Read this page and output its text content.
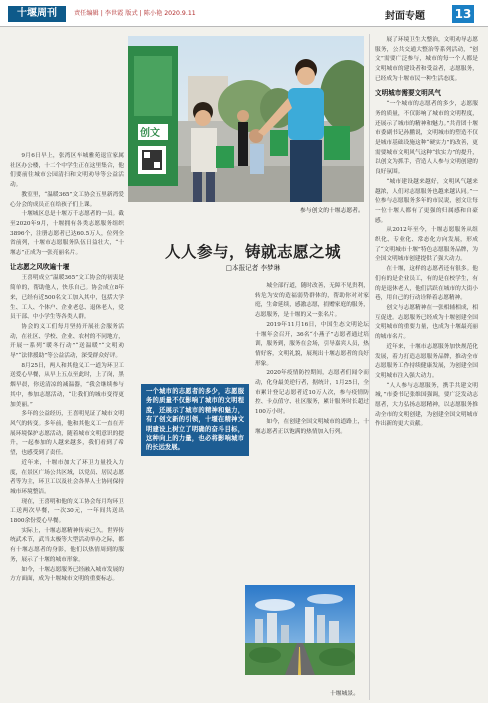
十堰周刊	责任编辑 | 李世霞 版式 | 陈小艳 2020.9.11	封面专题 13
创文
参与创文的十堰志愿者。
人人参与，铸就志愿之城
□本报记者 李梦琳

9月6日早上，张湾区车城雅苑退宣家属社区办公楼，十二个中学生正在这里集合，他们要前往城市公园清扫和文明劝导等公益活动。

教室里，“温暖365”文工协会五里新湾爱心分会的成员正在给孩子们上课。

十堰城区总是十堰万千志愿者的一员。截至2020年9月，十堰拥有各类志愿服务组织3896个，注册志愿者已达60.5万人，位列全省前列，十堰市志愿服务队伍日益壮大，“十堰志”正成为一张亮丽名片。

让志愿之风吹遍十堰

王喜明成立“温暖365”文工协会的初衷是简单的，帮助他人，快乐自己。协会成立8年来，已经有近500名文工加入其中，包括大学生、工人、个体户、企业老总、退休老人，党员干部、中小学生等各类人群。

协会的义工们每月坚持开展社会服务活动，在社区、学校、企业、农村的不同地方，开展一系列“暖冬行动”“送温暖”“文明劝导”“法律援助”等公益活动，深受群众好评。

8月25日，两人和其他义工一道为环卫工送爱心早餐，从早上五点至此时，上了岗，黑烟早晨，你送清凉的减温器，“我会继续参与其中，参加志愿活动，“让我们的城市变得更加美丽。”

多年的公益经历，王喜明见证了城市文明风气的转变。多年前，他和其他义工一直在开展环境保护志愿活动，随着城市文明意识的提升，一起参加的人越来越多，我们看到了希望，也感受到了责任。

近年来，十堰市加大了环卫力量投入力度，在景区广场公共区域，以党员、居民志愿者等为主，环卫工以及社会各界人士协同保持城市环境整洁。

现在，王喜明和他的义工协会每月均环卫工送两次早餐，一次30元，一年间共送出1800余份爱心早餐。

实际上，十堰志愿精神传承已久。世界传统武术节，武当太极等大型活动举办之际，都有十堰志愿者的身影，他们以热情周到的服务，展示了十堰的城市形象。

如今，十堰志愿服务已经融入城市发展的方方面面，成为十堰城市文明的重要标志。

一个城市的志愿者的多少，志愿服务的质量不仅影响了城市的文明程度，还展示了城市的精神和魅力，有了创文新的引领，十堰在精神文明建设上树立了明确的奋斗目标，这种向上的力量，也必将影响城市的长远发展。

城全部行道，随时改善，无障不见贵利，转危为安的造福弱势群体的，帮助你对对家庭，生命延续，感激志愿，捐赠家庭的服务，志愿服务，是十堰的又一张名片。

2019年11月16日，中国生态文明论坛十堰年会召开，36名“小燕子”志愿者通过培训，服务到，服务在会场，引导嘉宾人员，热情好客，文明礼貌，展现出十堰志愿者的良好形象。

2020年疫情防控期间，志愿者们闻令而动，化身最美逆行者，据统计，1月25日，全市累计登记志愿者近10万人次，参与疫情防控、卡点值守、社区服务，累计服务时长超过100万小时。

如今，在创建全国文明城市的道路上，十堰志愿者正以饱满的热情加入行列。

十堰城景。

展了环境卫生大整治，文明劝导志愿服务，公共交通大整治等系列活动，“创文”需要广泛参与，城市的每一个人都是文明城市的建设者和受益者，志愿服务，已经成为十堰市民一种生活态度。

文明城市需要文明风气

“一个城市的志愿者的多少，志愿服务的质量，不仅影响了城市的文明程度，还展示了城市的精神和魅力。”共青团十堰市委副书记孙鹏说，文明城市的塑造不仅是城市基础设施这种“硬实力”的改善，更需要城市文明风气这种“软实力”的提升，以创文为抓手，营造人人参与文明创建的良好氛围。

“城市建设越来越好，文明风气越来越浓，人们对志愿服务也越来越认同。”一位参与志愿服务多年的市民说，创文让每一位十堰人都有了更强的归属感和自豪感。

从2012年至今，十堰志愿服务从组织化、专业化、常态化方向发展，形成了“文明城市十堰”特色志愿服务品牌，为全国文明城市创建提供了强大动力。

在十堰，这样的志愿者还有很多。他们有的是企业员工，有的是在校学生，有的是退休老人，他们活跃在城市的大街小巷，用自己的行动诠释着志愿精神。

创文与志愿精神在一张相辅相成，相互促进。志愿服务已经成为十堰创建全国文明城市的重要力量，也成为十堰最亮丽的城市名片。

近年来，十堰市志愿服务加快规范化发展，着力打造志愿服务品牌，推动全市志愿服务工作持续健康发展，为创建全国文明城市注入强大动力。

“人人参与志愿服务，携手共建文明城，”市委书记张维国强调，要广泛发动志愿者，大力弘扬志愿精神，以志愿服务推动全市的文明创建，为创建全国文明城市作出新的更大贡献。
